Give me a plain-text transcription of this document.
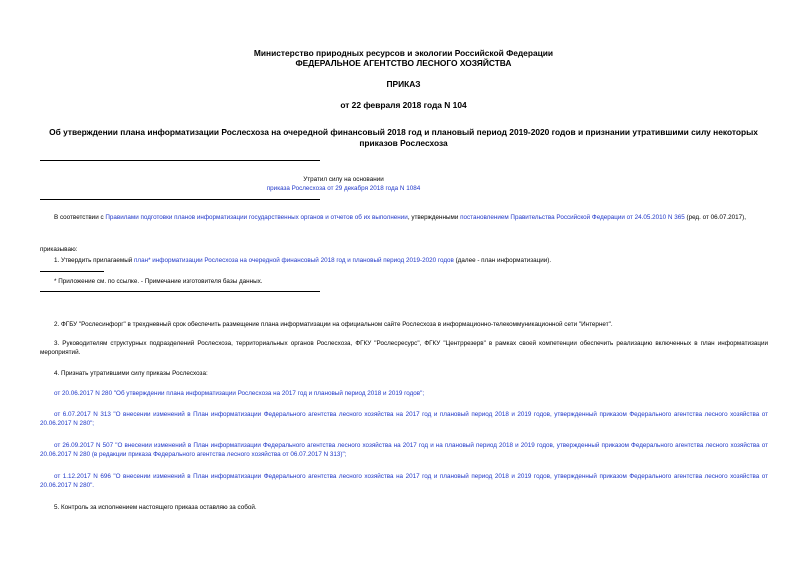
Министерство природных ресурсов и экологии Российской Федерации
ФЕДЕРАЛЬНОЕ АГЕНТСТВО ЛЕСНОГО ХОЗЯЙСТВА
ПРИКАЗ
от 22 февраля 2018 года N 104
Об утверждении плана информатизации Рослесхоза на очередной финансовый 2018 год и плановый период 2019-2020 годов и признании утратившими силу некоторых приказов Рослесхоза
Утратил силу на основании
приказа Рослесхоза от 29 декабря 2018 года N 1084
В соответствии с Правилами подготовки планов информатизации государственных органов и отчетов об их выполнении, утвержденными постановлением Правительства Российской Федерации от 24.05.2010 N 365 (ред. от 06.07.2017),
приказываю:
1. Утвердить прилагаемый план* информатизации Рослесхоза на очередной финансовый 2018 год и плановый период 2019-2020 годов (далее - план информатизации).
* Приложение см. по ссылке. - Примечание изготовителя базы данных.
2. ФГБУ "Рослесинфорг" в трехдневный срок обеспечить размещение плана информатизации на официальном сайте Рослесхоза в информационно-телекоммуникационной сети "Интернет".
3. Руководителям структурных подразделений Рослесхоза, территориальных органов Рослесхоза, ФГКУ "Рослесресурс", ФГКУ "Центррезерв" в рамках своей компетенции обеспечить реализацию включенных в план информатизации мероприятий.
4. Признать утратившими силу приказы Рослесхоза:
от 20.06.2017 N 280 "Об утверждении плана информатизации Рослесхоза на 2017 год и плановый период 2018 и 2019 годов";
от 6.07.2017 N 313 "О внесении изменений в План информатизации Федерального агентства лесного хозяйства на 2017 год и плановый период 2018 и 2019 годов, утвержденный приказом Федерального агентства лесного хозяйства от 20.06.2017 N 280";
от 26.09.2017 N 507 "О внесении изменений в План информатизации Федерального агентства лесного хозяйства на 2017 год и на плановый период 2018 и 2019 годов, утвержденный приказом Федерального агентства лесного хозяйства от 20.06.2017 N 280 (в редакции приказа Федерального агентства лесного хозяйства от 06.07.2017 N 313)";
от 1.12.2017 N 696 "О внесении изменений в План информатизации Федерального агентства лесного хозяйства на 2017 год и плановый период 2018 и 2019 годов, утвержденный приказом Федерального агентства лесного хозяйства от 20.06.2017 N 280".
5. Контроль за исполнением настоящего приказа оставляю за собой.
